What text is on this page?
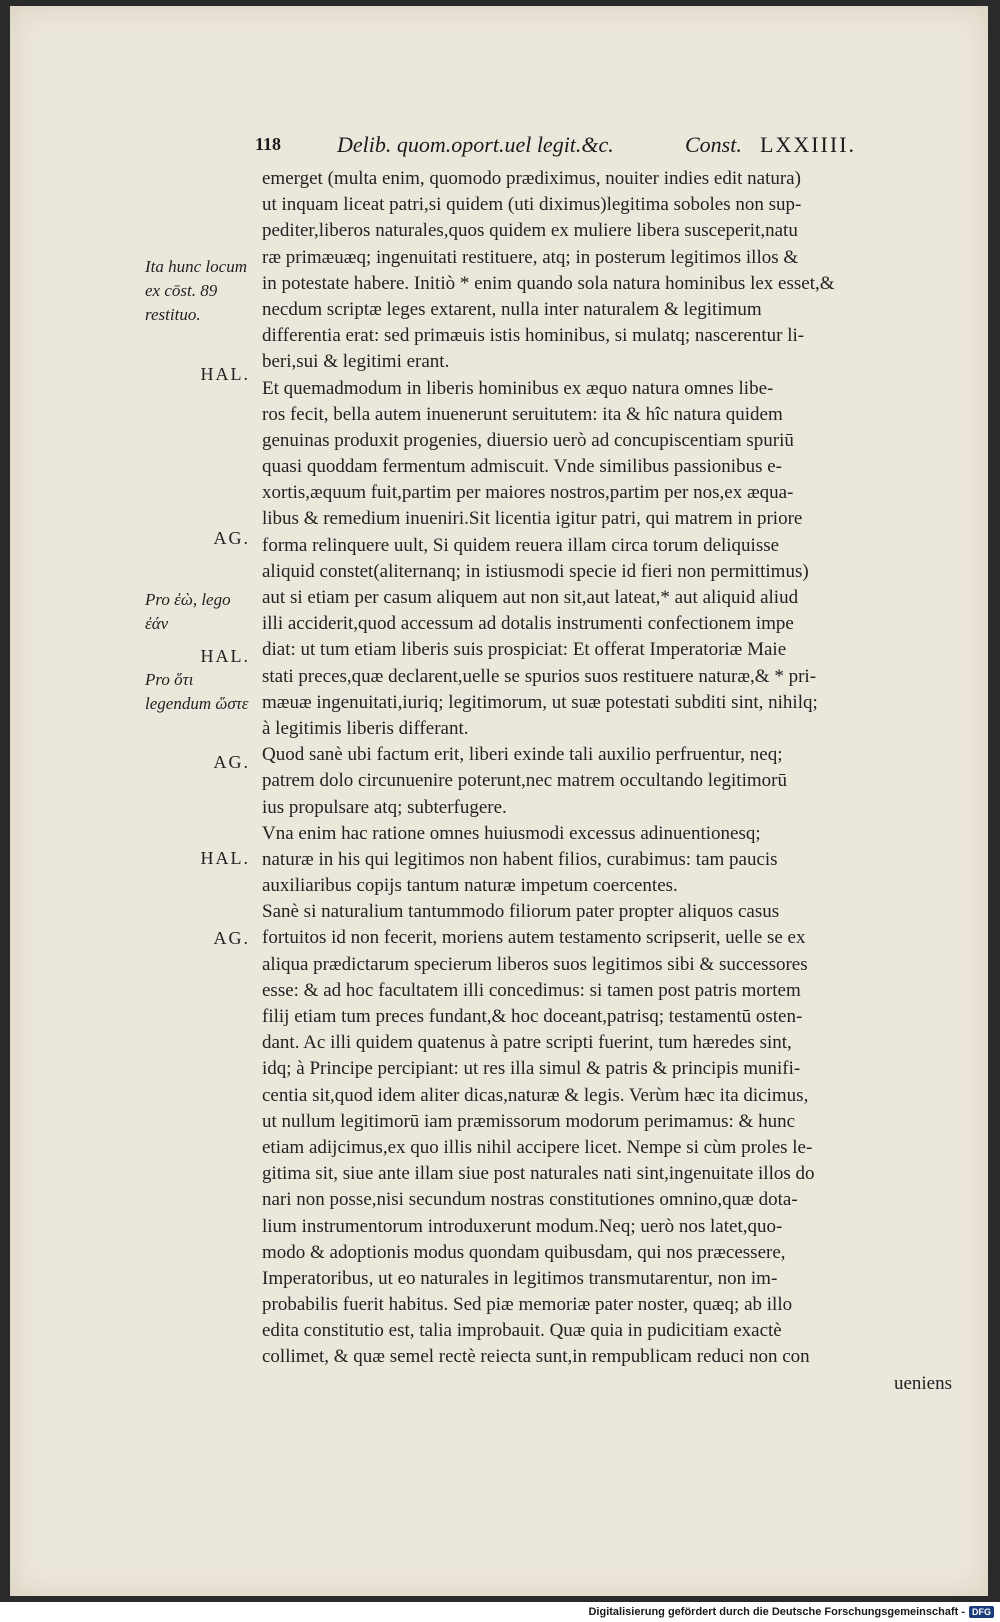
118	Delib. quom.oport.uel legit.&c.	Const. LXXIIII.
Ita hunc locum ex cōst. 89 restituo.
Pro ἐὼ, lego ἐάν
Pro ὅτι legendum ὥστε
HAL.
AG.
HAL.
AG.
HAL.
AG.
emerget (multa enim, quomodo prædiximus, nouiter indies edit natura)
ut inquam liceat patri,si quidem (uti diximus)legitima soboles non sup-
pediter,liberos naturales,quos quidem ex muliere libera susceperit,natu
ræ primæuæq; ingenuitati restituere, atq; in posterum legitimos illos &
in potestate habere. Initiò * enim quando sola natura hominibus lex esset,&
necdum scriptæ leges extarent, nulla inter naturalem & legitimum
differentia erat: sed primæuis istis hominibus, si mulatq; nascerentur li-
beri,sui & legitimi erant.
Et quemadmodum in liberis hominibus ex æquo natura omnes libe-
ros fecit, bella autem inuenerunt seruitutem: ita & hîc natura quidem
genuinas produxit progenies, diuersio uerò ad concupiscentiam spuriū
quasi quoddam fermentum admiscuit. Vnde similibus passionibus e-
xortis,æquum fuit,partim per maiores nostros,partim per nos,ex æqua-
libus & remedium inueniri.Sit licentia igitur patri, qui matrem in priore
forma relinquere uult, Si quidem reuera illam circa torum deliquisse
aliquid constet(aliternanq; in istiusmodi specie id fieri non permittimus)
aut si etiam per casum aliquem aut non sit,aut lateat,* aut aliquid aliud
illi acciderit,quod accessum ad dotalis instrumenti confectionem impe
diat: ut tum etiam liberis suis prospiciat: Et offerat Imperatoriæ Maie
stati preces,quæ declarent,uelle se spurios suos restituere naturæ,& * pri-
mæuæ ingenuitati,iuriq; legitimorum, ut suæ potestati subditi sint, nihilq;
à legitimis liberis differant.
Quod sanè ubi factum erit, liberi exinde tali auxilio perfruentur, neq;
patrem dolo circunuenire poterunt,nec matrem occultando legitimorū
ius propulsare atq; subterfugere.
Vna enim hac ratione omnes huiusmodi excessus adinuentionesq;
naturæ in his qui legitimos non habent filios, curabimus: tam paucis
auxiliaribus copijs tantum naturæ impetum coercentes.
Sanè si naturalium tantummodo filiorum pater propter aliquos casus
fortuitos id non fecerit, moriens autem testamento scripserit, uelle se ex
aliqua prædictarum specierum liberos suos legitimos sibi & successores
esse: & ad hoc facultatem illi concedimus: si tamen post patris mortem
filij etiam tum preces fundant,& hoc doceant,patrisq; testamentū osten-
dant. Ac illi quidem quatenus à patre scripti fuerint, tum hæredes sint,
idq; à Principe percipiant: ut res illa simul & patris & principis munifi-
centia sit,quod idem aliter dicas,naturæ & legis. Verùm hæc ita dicimus,
ut nullum legitimorū iam præmissorum modorum perimamus: & hunc
etiam adijcimus,ex quo illis nihil accipere licet. Nempe si cùm proles le-
gitima sit, siue ante illam siue post naturales nati sint,ingenuitate illos do
nari non posse,nisi secundum nostras constitutiones omnino,quæ dota-
lium instrumentorum introduxerunt modum.Neq; uerò nos latet,quo-
modo & adoptionis modus quondam quibusdam, qui nos præcessere,
Imperatoribus, ut eo naturales in legitimos transmutarentur, non im-
probabilis fuerit habitus. Sed piæ memoriæ pater noster, quæq; ab illo
edita constitutio est, talia improbauit. Quæ quia in pudicitiam exactè
collimet, & quæ semel rectè reiecta sunt,in rempublicam reduci non con
ueniens
Digitalisierung gefördert durch die Deutsche Forschungsgemeinschaft - DFG
